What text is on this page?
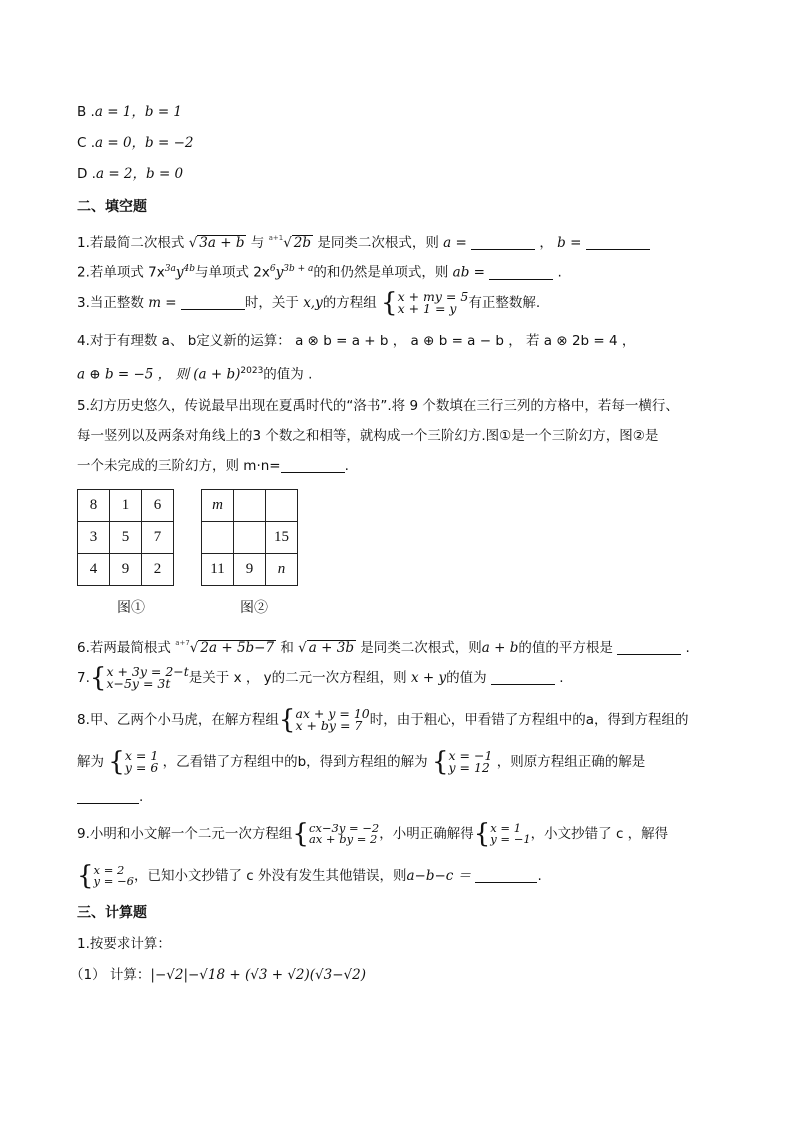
B .a = 1，b = 1
C .a = 0，b = −2
D .a = 2，b = 0
二、填空题
1.若最简二次根式 √ 3a + b 与 $^{a+1}$√ 2b 是同类二次根式，则 a =	， b =
2.若单项式 $7x^{3a}y^{4b}$与单项式 $2x^6y^{3b + a}$的和仍然是单项式，则 ab =	.
3.当正整数 m =	时，关于 x,y的方程组 { x + my = 5
x + 1 = y 有正整数解.
4.对于有理数 a、 b定义新的运算： a ⊗ b = a + b ， a ⊕ b = a − b ， 若 a ⊗ 2b = 4 ，
a ⊕ b = −5 ， 则 $(a + b)^{2023}$的值为 .
5.幻方历史悠久，传说最早出现在夏禹时代的“洛书”.将 9 个数填在三行三列的方格中，若每一横行、
每一竖列以及两条对角线上的3 个数之和相等，就构成一个三阶幻方.图①是一个三阶幻方，图②是
一个未完成的三阶幻方，则 m·n=	.
8	1	6
3	5	7
4	9	2
m		
		15
11	9	n
图①	图②
6.若两最简根式 $^{a+7}$√ 2a + 5b−7 和 √ a + 3b 是同类二次根式，则a + b的值的平方根是	.
7. { x + 3y = 2−t
x−5y = 3t	是关于 x ， y的二元一次方程组，则 x + y的值为	.
8.甲、乙两个小马虎，在解方程组 { ax + y = 10
x + by = 7 时，由于粗心，甲看错了方程组中的a，得到方程组的
解为 { x = 1
y = 6 ，乙看错了方程组中的b，得到方程组的解为 { x = −1
y = 12 ，则原方程组正确的解是
.
9.小明和小文解一个二元一次方程组 { cx−3y = −2
ax + by = 2 ，小明正确解得 { x = 1
y = −1 ，小文抄错了 c ，解得
{ x = 2
y = −6 ，已知小文抄错了 c 外没有发生其他错误，则a−b−c ＝	.
三、计算题
1.按要求计算：
（1） 计算：|−√2|−√18 + (√3 + √2)(√3−√2)
